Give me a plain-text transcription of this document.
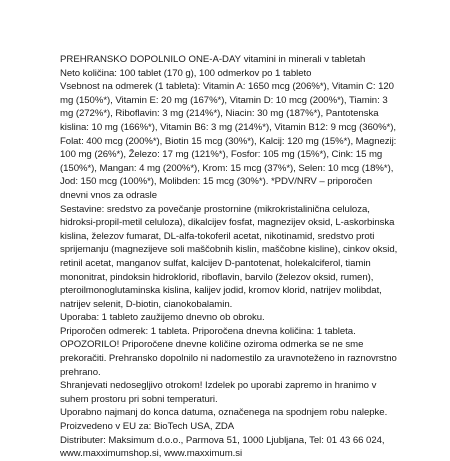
PREHRANSKO DOPOLNILO ONE-A-DAY vitamini in minerali v tabletah

Neto količina: 100 tablet (170 g), 100 odmerkov po 1 tableto

Vsebnost na odmerek (1 tableta): Vitamin A: 1650 mcg (206%*), Vitamin C: 120 mg (150%*), Vitamin E: 20 mg (167%*), Vitamin D: 10 mcg (200%*), Tiamin: 3 mg (272%*), Riboflavin: 3 mg (214%*), Niacin: 30 mg (187%*), Pantotenska kislina: 10 mg (166%*), Vitamin B6: 3 mg (214%*), Vitamin B12: 9 mcg (360%*), Folat: 400 mcg (200%*), Biotin 15 mcg (30%*), Kalcij: 120 mg (15%*), Magnezij: 100 mg (26%*), Železo: 17 mg (121%*), Fosfor: 105 mg (15%*), Cink: 15 mg (150%*), Mangan: 4 mg (200%*), Krom: 15 mcg (37%*), Selen: 10 mcg (18%*), Jod: 150 mcg (100%*), Molibden: 15 mcg (30%*). *PDV/NRV – priporočen dnevni vnos za odrasle

Sestavine: sredstvo za povečanje prostornine (mikrokristalinična celuloza, hidroksi-propil-metil celuloza), dikalcijev fosfat, magnezijev oksid, L-askorbinska kislina, železov fumarat, DL-alfa-tokoferil acetat, nikotinamid, sredstvo proti sprijemanju (magnezijeve soli maščobnih kislin, maščobne kisline), cinkov oksid, retinil acetat, manganov sulfat, kalcijev D-pantotenat, holekalciferol, tiamin mononitrat, pindoksin hidroklorid, riboflavin, barvilo (železov oksid, rumen), pteroilmonoglutaminska kislina, kalijev jodid, kromov klorid, natrijev molibdat, natrijev selenit, D-biotin, cianokobalamin.

Uporaba: 1 tableto zaužijemo dnevno ob obroku.

Priporočen odmerek: 1 tableta. Priporočena dnevna količina: 1 tableta.

OPOZORILO! Priporočene dnevne količine oziroma odmerka se ne sme prekoračiti. Prehransko dopolnilo ni nadomestilo za uravnoteženo in raznovrstno prehrano.

Shranjevati nedosegljivo otrokom! Izdelek po uporabi zapremo in hranimo v suhem prostoru pri sobni temperaturi.

Uporabno najmanj do konca datuma, označenega na spodnjem robu nalepke.

Proizvedeno v EU za: BioTech USA, ZDA

Distributer: Maksimum d.o.o., Parmova 51, 1000 Ljubljana, Tel: 01 43 66 024, www.maxximumshop.si, www.maxximum.si
